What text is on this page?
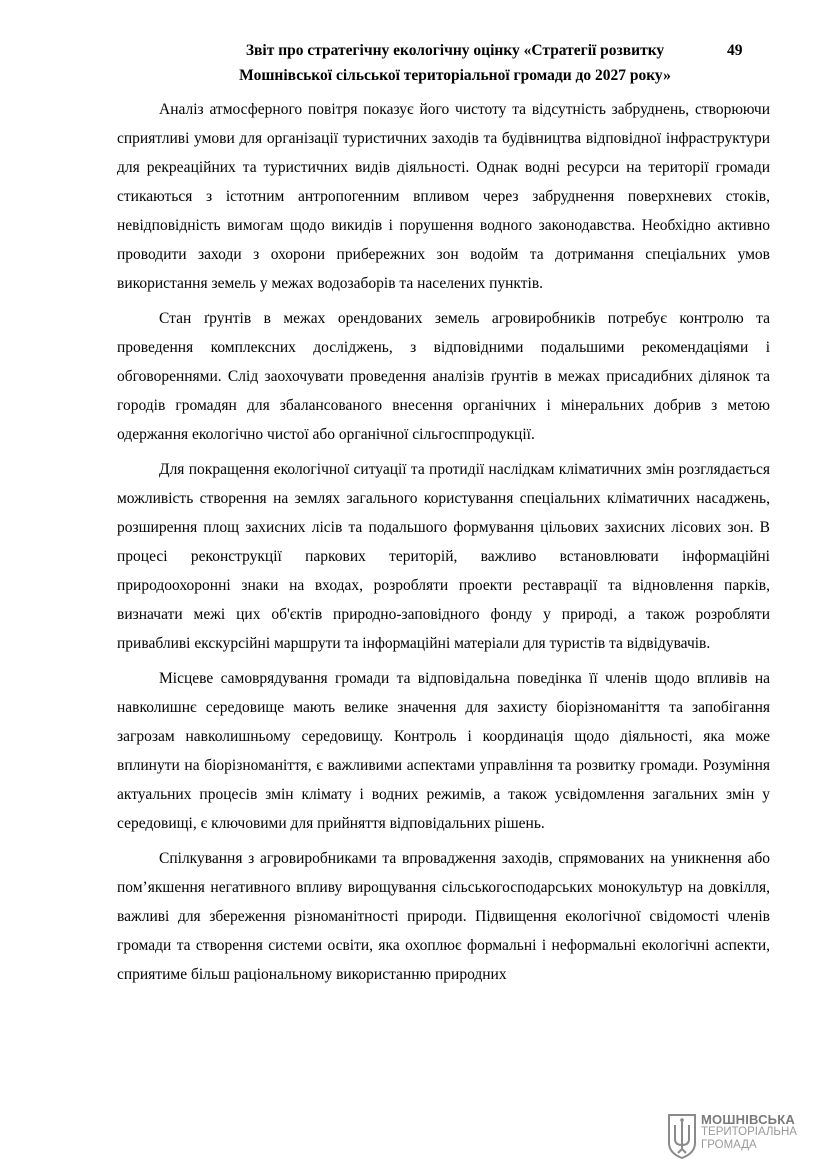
Звіт про стратегічну екологічну оцінку «Стратегії розвитку
Мошнівської сільської територіальної громади до 2027 року»
49

Аналіз атмосферного повітря показує його чистоту та відсутність забруднень, створюючи сприятливі умови для організації туристичних заходів та будівництва відповідної інфраструктури для рекреаційних та туристичних видів діяльності. Однак водні ресурси на території громади стикаються з істотним антропогенним впливом через забруднення поверхневих стоків, невідповідність вимогам щодо викидів і порушення водного законодавства. Необхідно активно проводити заходи з охорони прибережних зон водойм та дотримання спеціальних умов використання земель у межах водозаборів та населених пунктів.

Стан ґрунтів в межах орендованих земель агровиробників потребує контролю та проведення комплексних досліджень, з відповідними подальшими рекомендаціями і обговореннями. Слід заохочувати проведення аналізів ґрунтів в межах присадибних ділянок та городів громадян для збалансованого внесення органічних і мінеральних добрив з метою одержання екологічно чистої або органічної сільгосппродукції.

Для покращення екологічної ситуації та протидії наслідкам кліматичних змін розглядається можливість створення на землях загального користування спеціальних кліматичних насаджень, розширення площ захисних лісів та подальшого формування цільових захисних лісових зон. В процесі реконструкції паркових територій, важливо встановлювати інформаційні природоохоронні знаки на входах, розробляти проекти реставрації та відновлення парків, визначати межі цих об'єктів природно-заповідного фонду у природі, а також розробляти привабливі екскурсійні маршрути та інформаційні матеріали для туристів та відвідувачів.

Місцеве самоврядування громади та відповідальна поведінка її членів щодо впливів на навколишнє середовище мають велике значення для захисту біорізноманіття та запобігання загрозам навколишньому середовищу. Контроль і координація щодо діяльності, яка може вплинути на біорізноманіття, є важливими аспектами управління та розвитку громади. Розуміння актуальних процесів змін клімату і водних режимів, а також усвідомлення загальних змін у середовищі, є ключовими для прийняття відповідальних рішень.

Спілкування з агровиробниками та впровадження заходів, спрямованих на уникнення або пом’якшення негативного впливу вирощування сільськогосподарських монокультур на довкілля, важливі для збереження різноманітності природи. Підвищення екологічної свідомості членів громади та створення системи освіти, яка охоплює формальні і неформальні екологічні аспекти, сприятиме більш раціональному використанню природних

МОШНІВСЬКА
ТЕРИТОРІАЛЬНА
ГРОМАДА
